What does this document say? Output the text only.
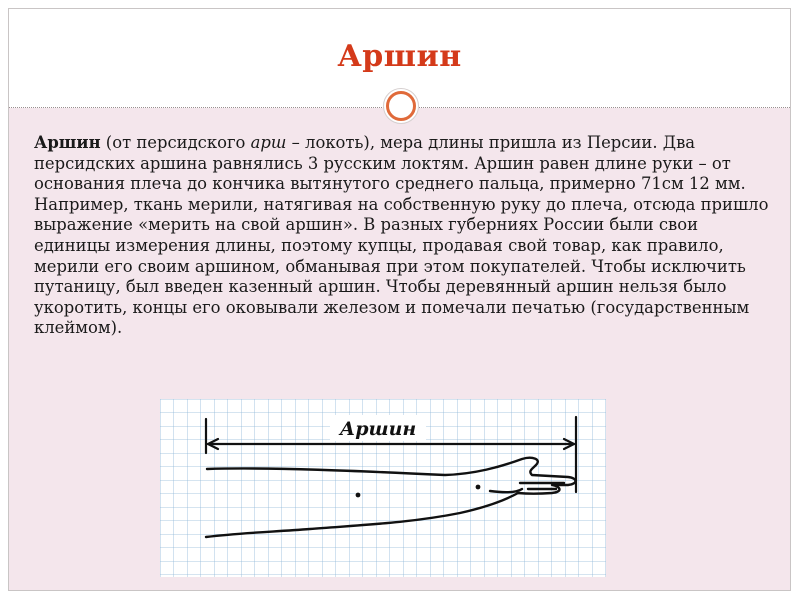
Аршин
Аршин (от персидского арш – локоть), мера длины пришла из Персии. Два персидских аршина равнялись 3 русским локтям. Аршин равен длине руки – от основания плеча до кончика вытянутого среднего пальца, примерно 71см 12 мм. Например, ткань мерили, натягивая на собственную руку до плеча, отсюда пришло выражение «мерить на свой аршин». В разных губерниях России были свои единицы измерения длины, поэтому купцы, продавая свой товар, как правило, мерили его своим аршином, обманывая при этом покупателей. Чтобы исключить путаницу, был введен казенный аршин. Чтобы деревянный аршин нельзя было укоротить, концы его оковывали железом и помечали печатью (государственным клеймом).
Аршин
